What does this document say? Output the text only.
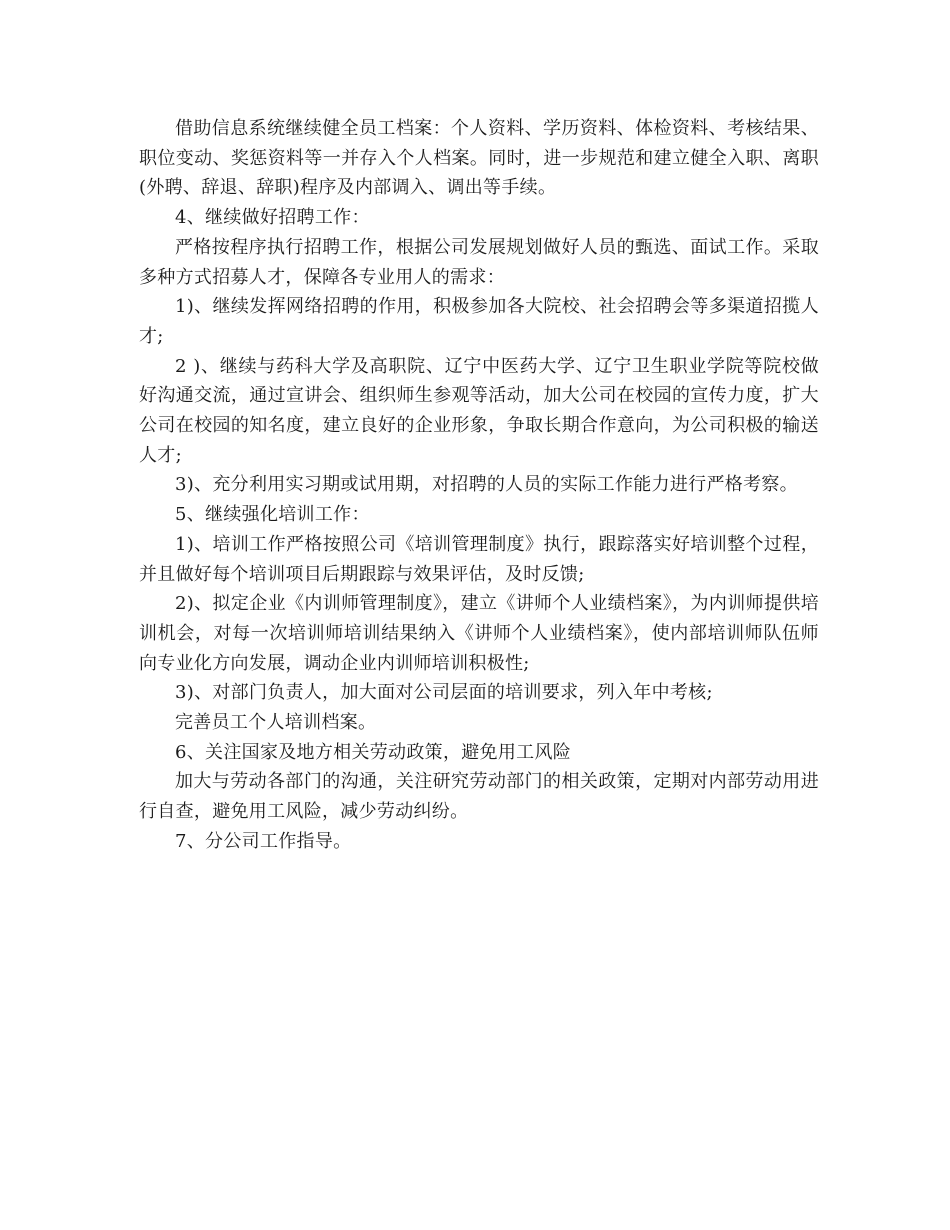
借助信息系统继续健全员工档案：个人资料、学历资料、体检资料、考核结果、职位变动、奖惩资料等一并存入个人档案。同时，进一步规范和建立健全入职、离职(外聘、辞退、辞职)程序及内部调入、调出等手续。

4、继续做好招聘工作：

严格按程序执行招聘工作，根据公司发展规划做好人员的甄选、面试工作。采取多种方式招募人才，保障各专业用人的需求：

1)、继续发挥网络招聘的作用，积极参加各大院校、社会招聘会等多渠道招揽人才;

2 )、继续与药科大学及高职院、辽宁中医药大学、辽宁卫生职业学院等院校做好沟通交流，通过宣讲会、组织师生参观等活动，加大公司在校园的宣传力度，扩大公司在校园的知名度，建立良好的企业形象，争取长期合作意向，为公司积极的输送人才;

3)、充分利用实习期或试用期，对招聘的人员的实际工作能力进行严格考察。

5、继续强化培训工作：

1)、培训工作严格按照公司《培训管理制度》执行，跟踪落实好培训整个过程，并且做好每个培训项目后期跟踪与效果评估，及时反馈;

2)、拟定企业《内训师管理制度》，建立《讲师个人业绩档案》，为内训师提供培训机会，对每一次培训师培训结果纳入《讲师个人业绩档案》，使内部培训师队伍师向专业化方向发展，调动企业内训师培训积极性;

3)、对部门负责人，加大面对公司层面的培训要求，列入年中考核;

完善员工个人培训档案。

6、关注国家及地方相关劳动政策，避免用工风险

加大与劳动各部门的沟通，关注研究劳动部门的相关政策，定期对内部劳动用进行自查，避免用工风险，减少劳动纠纷。

7、分公司工作指导。
